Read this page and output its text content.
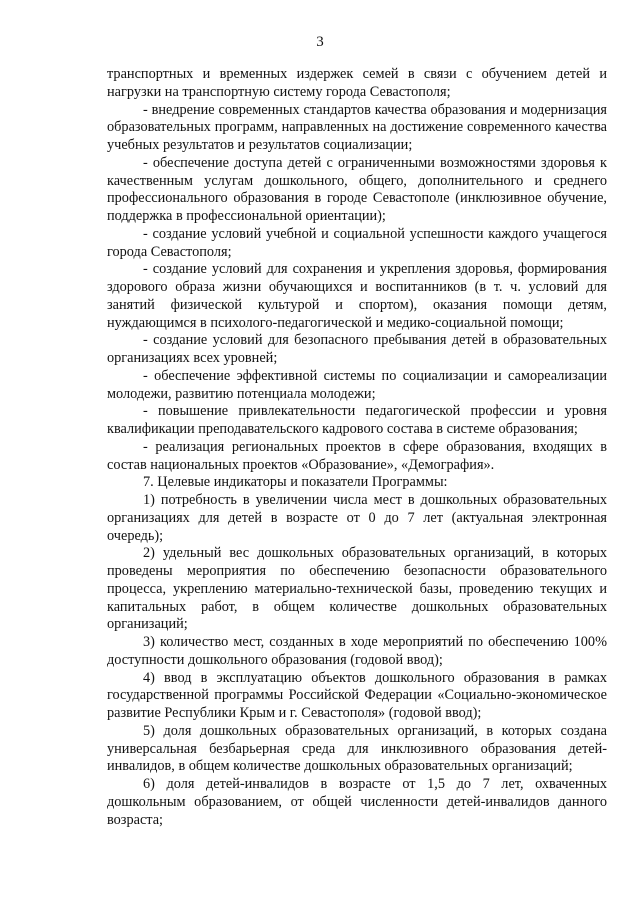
3

транспортных и временных издержек семей в связи с обучением детей и нагрузки на транспортную систему города Севастополя;

- внедрение современных стандартов качества образования и модернизация образовательных программ, направленных на достижение современного качества учебных результатов и результатов социализации;

- обеспечение доступа детей с ограниченными возможностями здоровья к качественным услугам дошкольного, общего, дополнительного и среднего профессионального образования в городе Севастополе (инклюзивное обучение, поддержка в профессиональной ориентации);

- создание условий учебной и социальной успешности каждого учащегося города Севастополя;

- создание условий для сохранения и укрепления здоровья, формирования здорового образа жизни обучающихся и воспитанников (в т. ч. условий для занятий физической культурой и спортом), оказания помощи детям, нуждающимся в психолого-педагогической и медико-социальной помощи;

- создание условий для безопасного пребывания детей в образовательных организациях всех уровней;

- обеспечение эффективной системы по социализации и самореализации молодежи, развитию потенциала молодежи;

- повышение привлекательности педагогической профессии и уровня квалификации преподавательского кадрового состава в системе образования;

- реализация региональных проектов в сфере образования, входящих в состав национальных проектов «Образование», «Демография».

7. Целевые индикаторы и показатели Программы:

1) потребность в увеличении числа мест в дошкольных образовательных организациях для детей в возрасте от 0 до 7 лет (актуальная электронная очередь);

2) удельный вес дошкольных образовательных организаций, в которых проведены мероприятия по обеспечению безопасности образовательного процесса, укреплению материально-технической базы, проведению текущих и капитальных работ, в общем количестве дошкольных образовательных организаций;

3) количество мест, созданных в ходе мероприятий по обеспечению 100% доступности дошкольного образования (годовой ввод);

4) ввод в эксплуатацию объектов дошкольного образования в рамках государственной программы Российской Федерации «Социально-экономическое развитие Республики Крым и г. Севастополя» (годовой ввод);

5) доля дошкольных образовательных организаций, в которых создана универсальная безбарьерная среда для инклюзивного образования детей-инвалидов, в общем количестве дошкольных образовательных организаций;

6) доля детей-инвалидов в возрасте от 1,5 до 7 лет, охваченных дошкольным образованием, от общей численности детей-инвалидов данного возраста;
